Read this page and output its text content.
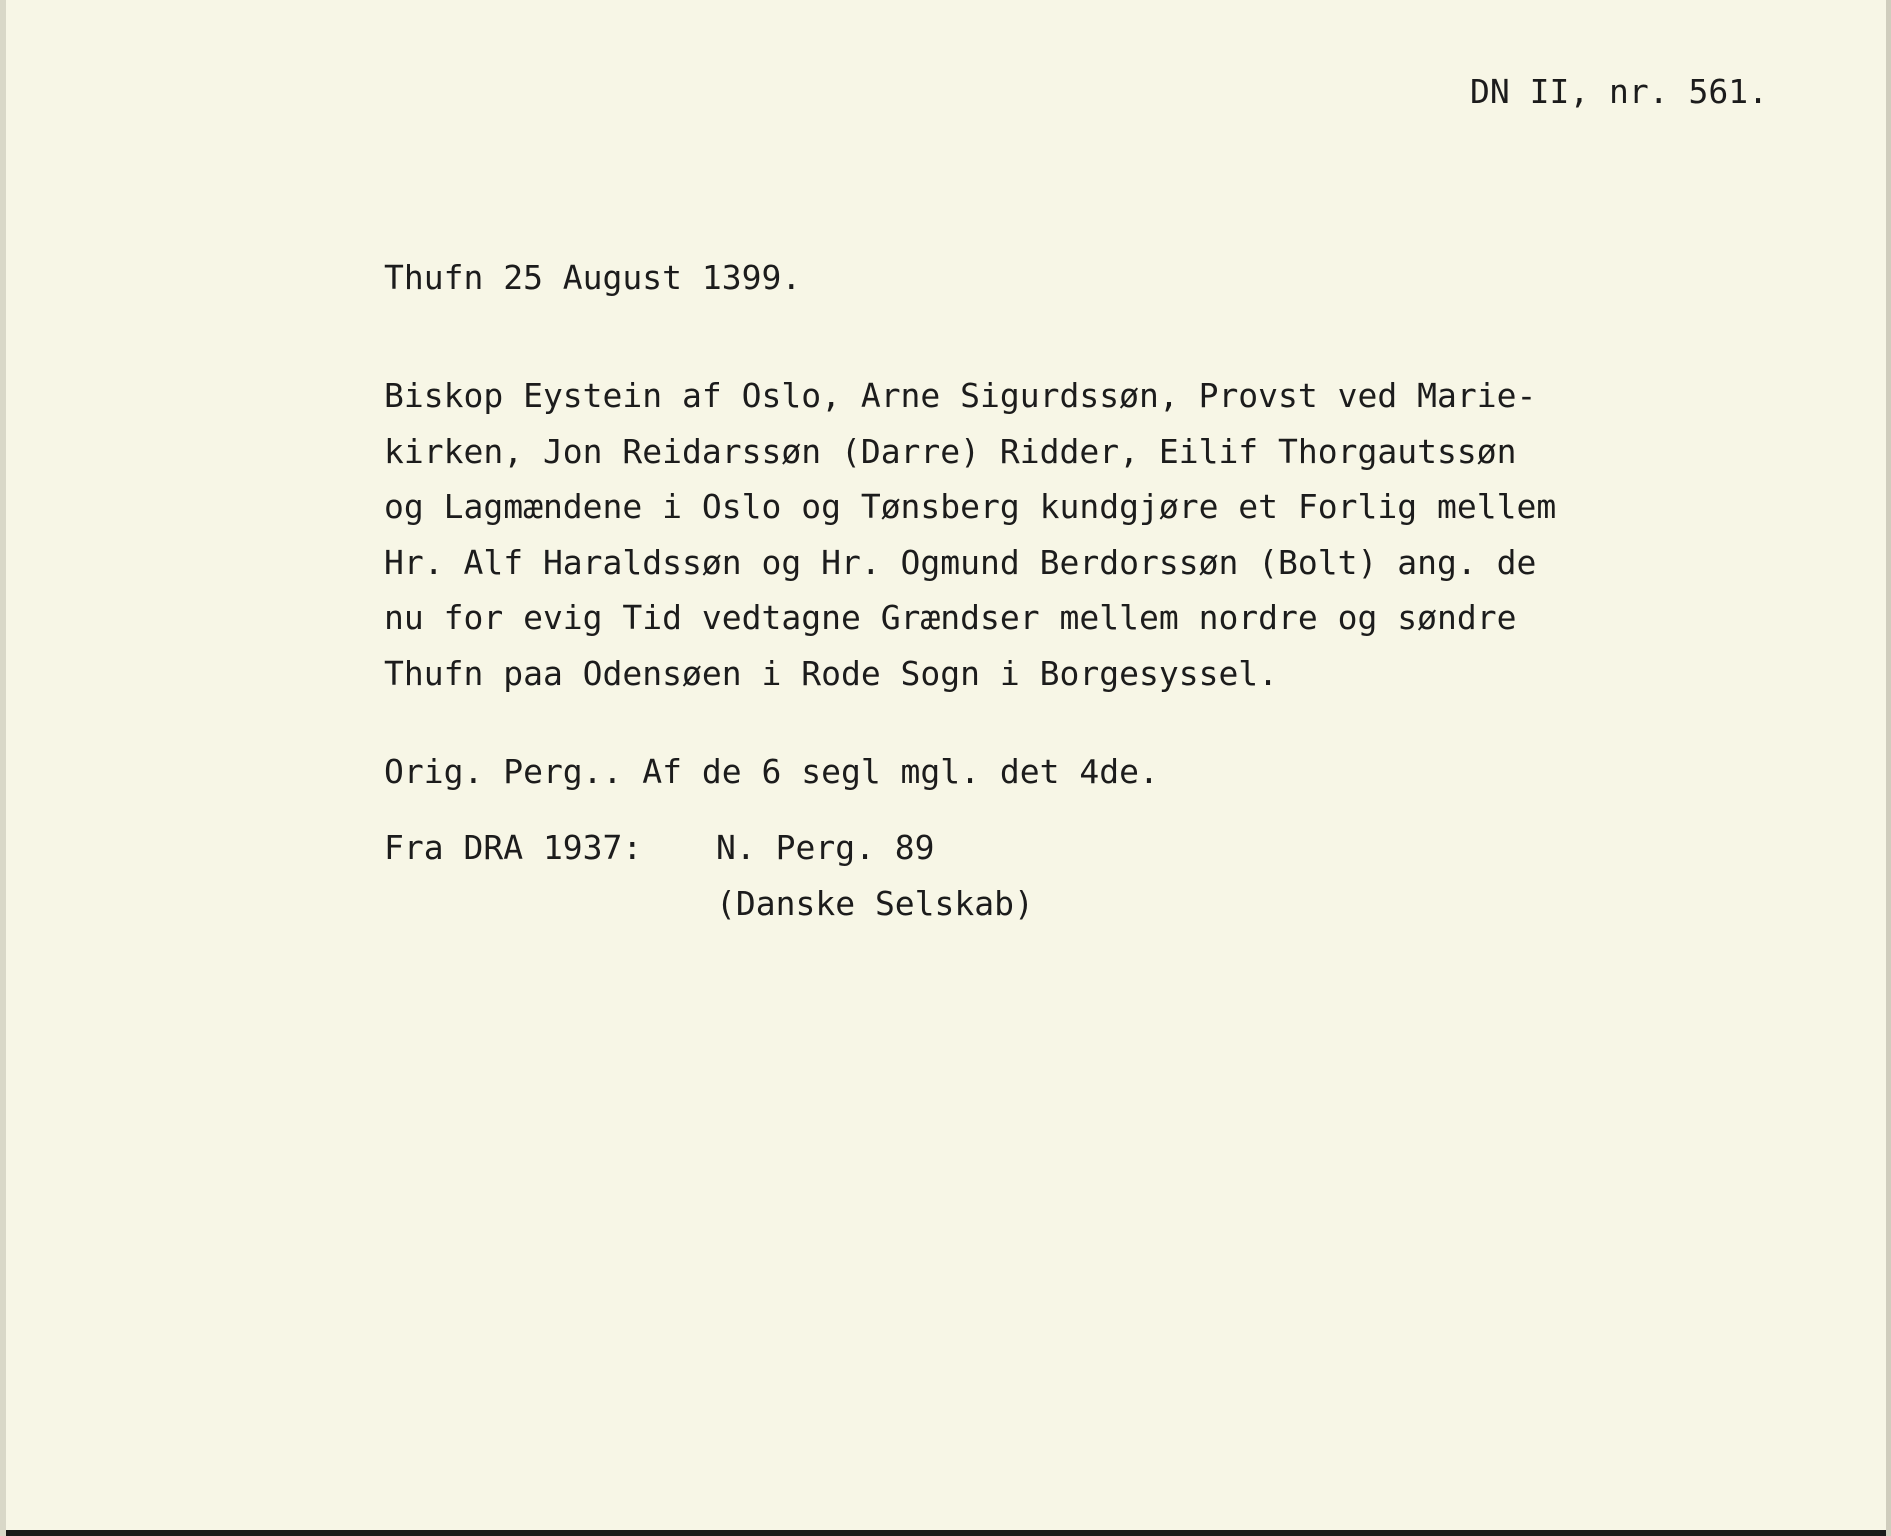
DN II, nr. 561.
Thufn 25 August 1399.
Biskop Eystein af Oslo, Arne Sigurdssøn, Provst ved Marie-
kirken, Jon Reidarssøn (Darre) Ridder, Eilif Thorgautssøn
og Lagmændene i Oslo og Tønsberg kundgjøre et Forlig mellem
Hr. Alf Haraldssøn og Hr. Ogmund Berdorssøn (Bolt) ang. de
nu for evig Tid vedtagne Grændser mellem nordre og søndre
Thufn paa Odensøen i Rode Sogn i Borgesyssel.
Orig. Perg.. Af de 6 segl mgl. det 4de.
Fra DRA 1937: N. Perg. 89
(Danske Selskab)
